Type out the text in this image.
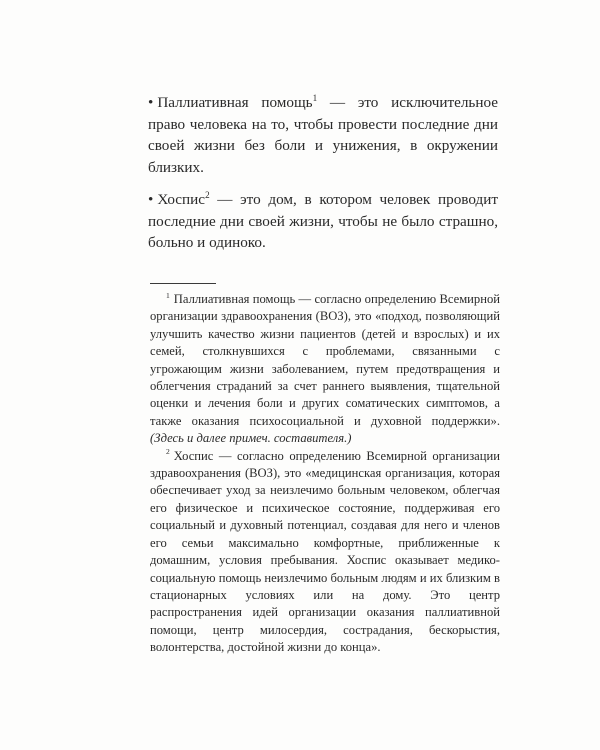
• Паллиативная помощь$^1$ — это исключительное право человека на то, чтобы провести последние дни своей жизни без боли и унижения, в окружении близких.

• Хоспис$^2$ — это дом, в котором человек проводит последние дни своей жизни, чтобы не было страшно, больно и одиноко.

$^1$ Паллиативная помощь — согласно определению Всемирной организации здравоохранения (ВОЗ), это «подход, позволяющий улучшить качество жизни пациентов (детей и взрослых) и их семей, столкнувшихся с проблемами, связанными с угрожающим жизни заболеванием, путем предотвращения и облегчения страданий за счет раннего выявления, тщательной оценки и лечения боли и других соматических симптомов, а также оказания психосоциальной и духовной поддержки». (Здесь и далее примеч. составителя.)

$^2$ Хоспис — согласно определению Всемирной организации здравоохранения (ВОЗ), это «медицинская организация, которая обеспечивает уход за неизлечимо больным человеком, облегчая его физическое и психическое состояние, поддерживая его социальный и духовный потенциал, создавая для него и членов его семьи максимально комфортные, приближенные к домашним, условия пребывания. Хоспис оказывает медико-социальную помощь неизлечимо больным людям и их близким в стационарных условиях или на дому. Это центр распространения идей организации оказания паллиативной помощи, центр милосердия, сострадания, бескорыстия, волонтерства, достойной жизни до конца».
